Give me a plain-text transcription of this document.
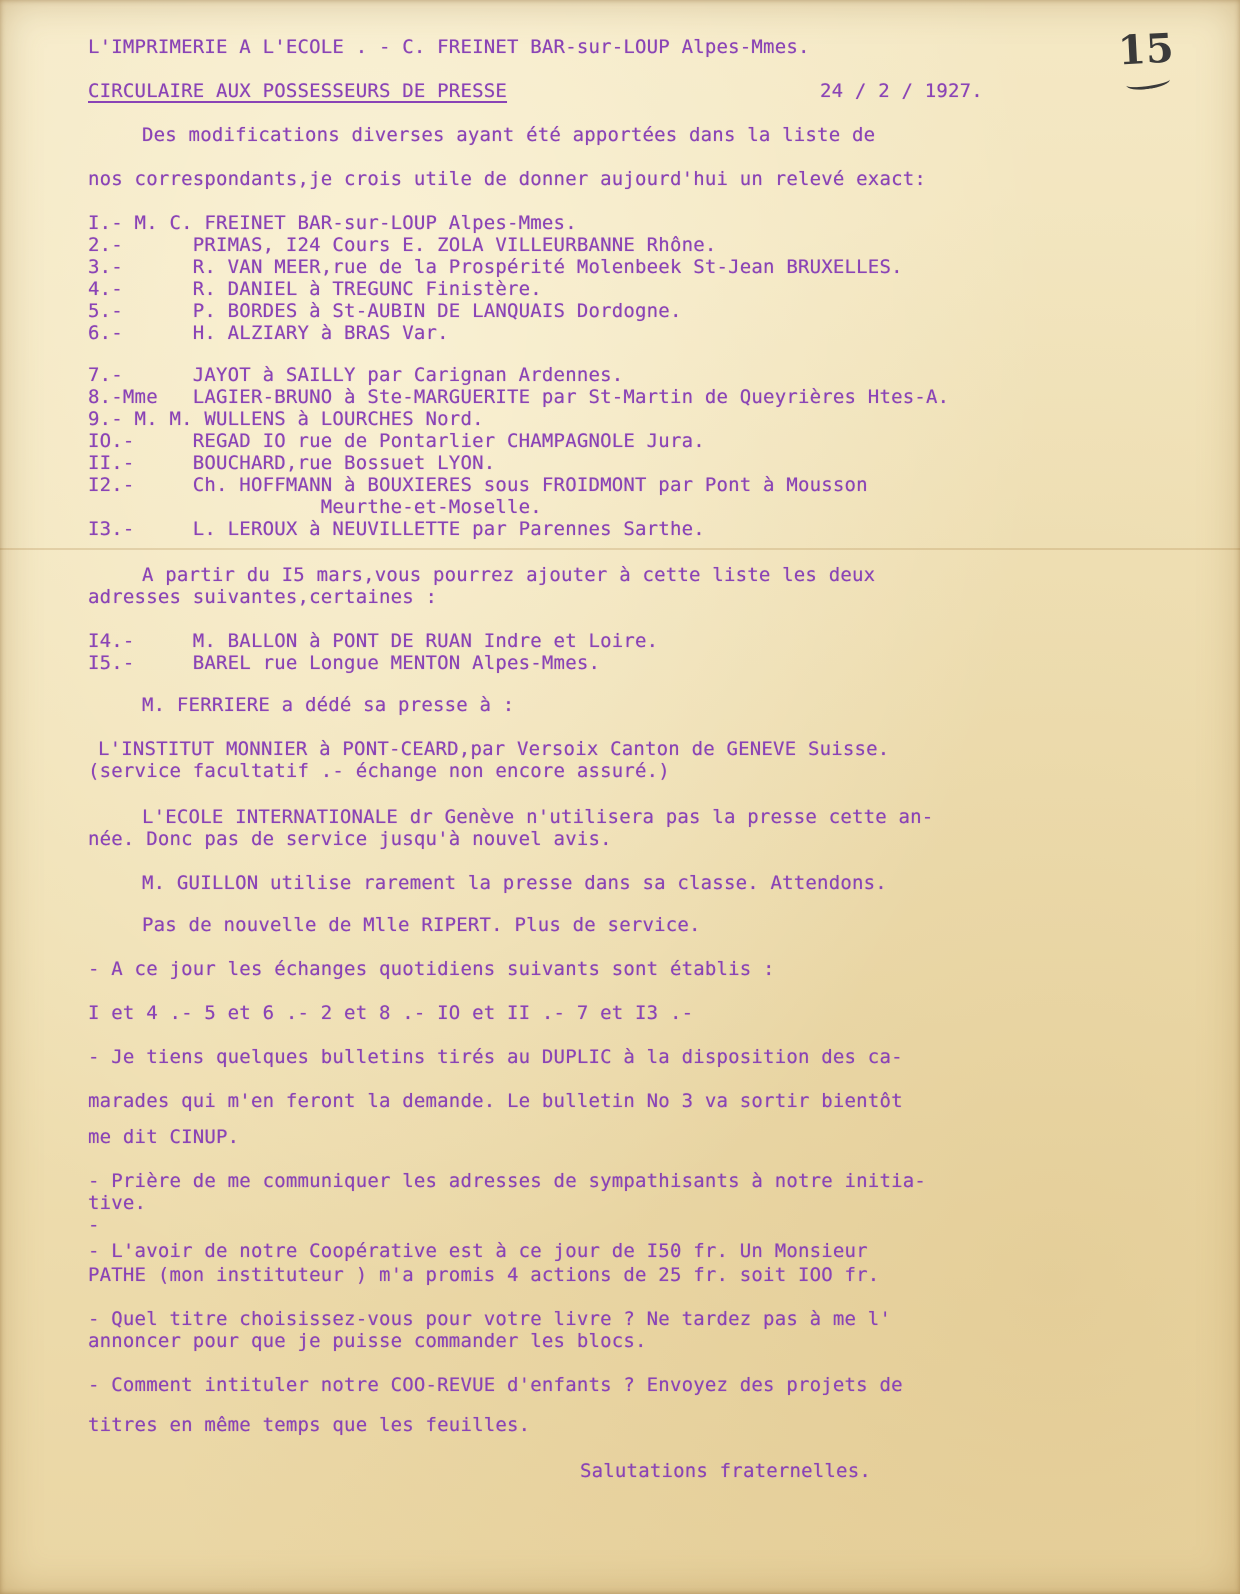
15

L'IMPRIMERIE A L'ECOLE . - C. FREINET BAR-sur-LOUP Alpes-Mmes.

CIRCULAIRE AUX POSSESSEURS DE PRESSE	24 / 2 / 1927.

Des modifications diverses ayant été apportées dans la liste de

nos correspondants,je crois utile de donner aujourd'hui un relevé exact:

I.- M. C. FREINET BAR-sur-LOUP Alpes-Mmes.

2.-      PRIMAS, I24 Cours E. ZOLA VILLEURBANNE Rhône.

3.-      R. VAN MEER,rue de la Prospérité Molenbeek St-Jean BRUXELLES.

4.-      R. DANIEL à TREGUNC Finistère.

5.-      P. BORDES à St-AUBIN DE LANQUAIS Dordogne.

6.-      H. ALZIARY à BRAS Var.

7.-      JAYOT à SAILLY par Carignan Ardennes.

8.-Mme   LAGIER-BRUNO à Ste-MARGUERITE par St-Martin de Queyrières Htes-A.

9.- M. M. WULLENS à LOURCHES Nord.

IO.-     REGAD IO rue de Pontarlier CHAMPAGNOLE Jura.

II.-     BOUCHARD,rue Bossuet LYON.

I2.-     Ch. HOFFMANN à BOUXIERES sous FROIDMONT par Pont à Mousson

Meurthe-et-Moselle.

I3.-     L. LEROUX à NEUVILLETTE par Parennes Sarthe.

A partir du I5 mars,vous pourrez ajouter à cette liste les deux

adresses suivantes,certaines :

I4.-     M. BALLON à PONT DE RUAN Indre et Loire.

I5.-     BAREL rue Longue MENTON Alpes-Mmes.

M. FERRIERE a dédé sa presse à :

L'INSTITUT MONNIER à PONT-CEARD,par Versoix Canton de GENEVE Suisse.

(service facultatif .- échange non encore assuré.)

L'ECOLE INTERNATIONALE dr Genève n'utilisera pas la presse cette an-

née. Donc pas de service jusqu'à nouvel avis.

M. GUILLON utilise rarement la presse dans sa classe. Attendons.

Pas de nouvelle de Mlle RIPERT. Plus de service.

- A ce jour les échanges quotidiens suivants sont établis :

I et 4 .- 5 et 6 .- 2 et 8 .- IO et II .- 7 et I3 .-

- Je tiens quelques bulletins tirés au DUPLIC à la disposition des ca-

marades qui m'en feront la demande. Le bulletin No 3 va sortir bientôt

me dit CINUP.

- Prière de me communiquer les adresses de sympathisants à notre initia-

tive.

-

- L'avoir de notre Coopérative est à ce jour de I50 fr. Un Monsieur

PATHE (mon instituteur ) m'a promis 4 actions de 25 fr. soit IOO fr.

- Quel titre choisissez-vous pour votre livre ? Ne tardez pas à me l'

annoncer pour que je puisse commander les blocs.

- Comment intituler notre COO-REVUE d'enfants ? Envoyez des projets de

titres en même temps que les feuilles.

Salutations fraternelles.
